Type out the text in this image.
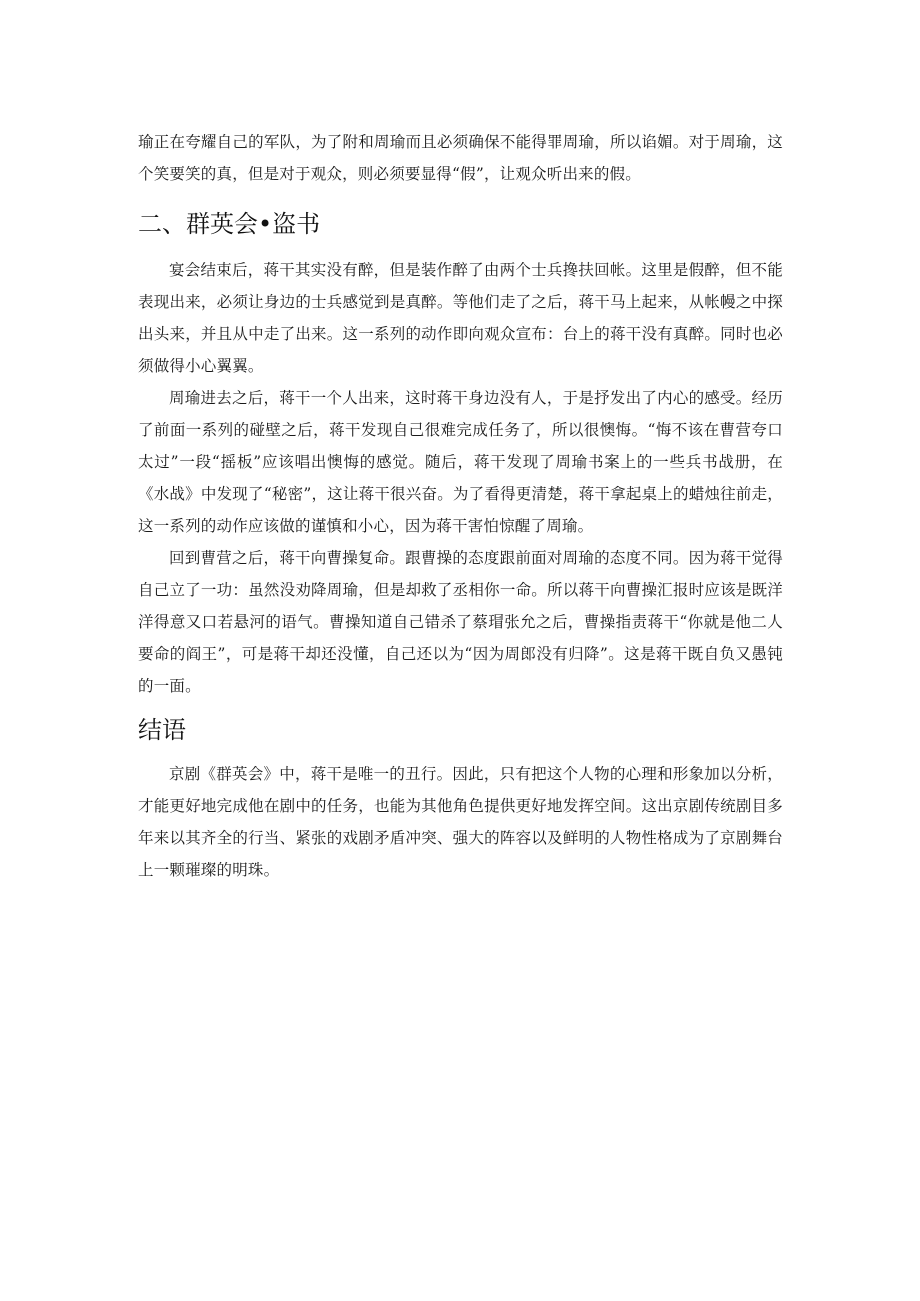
瑜正在夸耀自己的军队，为了附和周瑜而且必须确保不能得罪周瑜，所以谄媚。对于周瑜，这个笑要笑的真，但是对于观众，则必须要显得“假”，让观众听出来的假。

二、群英会•盗书

宴会结束后，蒋干其实没有醉，但是装作醉了由两个士兵搀扶回帐。这里是假醉，但不能表现出来，必须让身边的士兵感觉到是真醉。等他们走了之后，蒋干马上起来，从帐幔之中探出头来，并且从中走了出来。这一系列的动作即向观众宣布：台上的蒋干没有真醉。同时也必须做得小心翼翼。

周瑜进去之后，蒋干一个人出来，这时蒋干身边没有人，于是抒发出了内心的感受。经历了前面一系列的碰壁之后，蒋干发现自己很难完成任务了，所以很懊悔。“悔不该在曹营夸口太过”一段“摇板”应该唱出懊悔的感觉。随后，蒋干发现了周瑜书案上的一些兵书战册，在《水战》中发现了“秘密”，这让蒋干很兴奋。为了看得更清楚，蒋干拿起桌上的蜡烛往前走，这一系列的动作应该做的谨慎和小心，因为蒋干害怕惊醒了周瑜。

回到曹营之后，蒋干向曹操复命。跟曹操的态度跟前面对周瑜的态度不同。因为蒋干觉得自己立了一功：虽然没劝降周瑜，但是却救了丞相你一命。所以蒋干向曹操汇报时应该是既洋洋得意又口若悬河的语气。曹操知道自己错杀了蔡瑁张允之后，曹操指责蒋干“你就是他二人要命的阎王”，可是蒋干却还没懂，自己还以为“因为周郎没有归降”。这是蒋干既自负又愚钝的一面。

结语

京剧《群英会》中，蒋干是唯一的丑行。因此，只有把这个人物的心理和形象加以分析，才能更好地完成他在剧中的任务，也能为其他角色提供更好地发挥空间。这出京剧传统剧目多年来以其齐全的行当、紧张的戏剧矛盾冲突、强大的阵容以及鲜明的人物性格成为了京剧舞台上一颗璀璨的明珠。
